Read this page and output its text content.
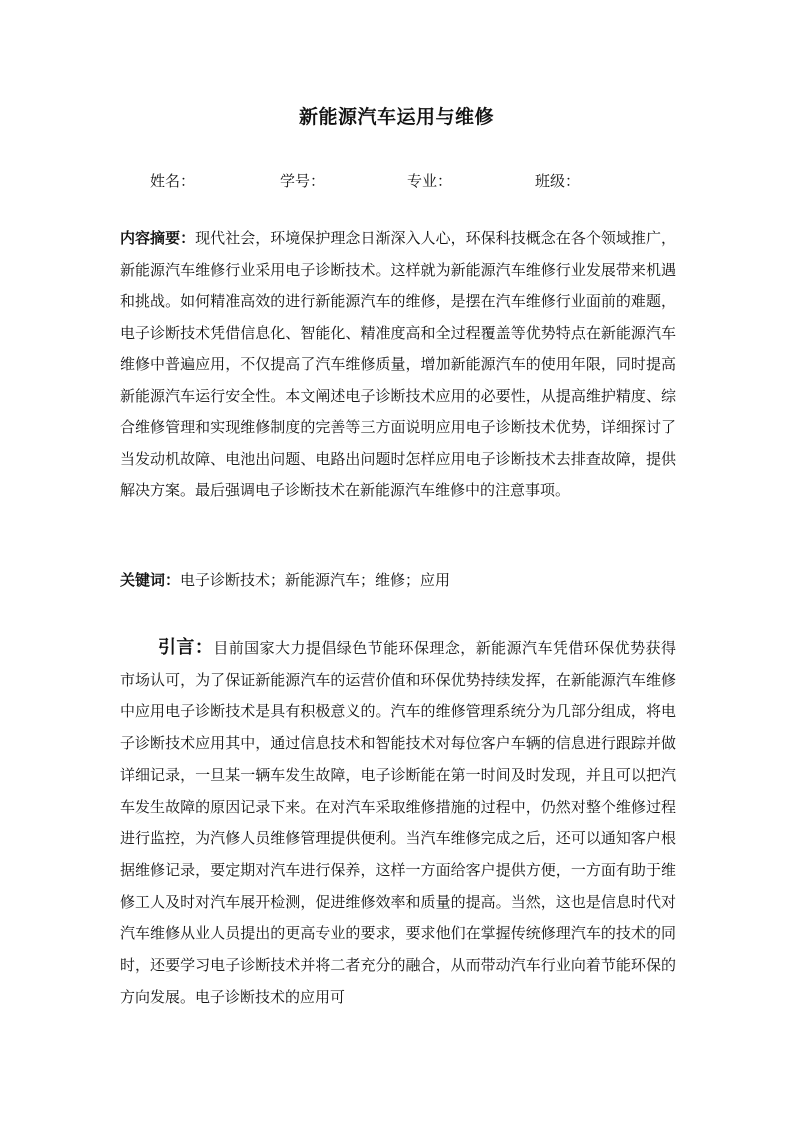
新能源汽车运用与维修
姓名：	学号：	专业：	班级：
内容摘要：现代社会，环境保护理念日渐深入人心，环保科技概念在各个领域推广，新能源汽车维修行业采用电子诊断技术。这样就为新能源汽车维修行业发展带来机遇和挑战。如何精准高效的进行新能源汽车的维修，是摆在汽车维修行业面前的难题，电子诊断技术凭借信息化、智能化、精准度高和全过程覆盖等优势特点在新能源汽车维修中普遍应用，不仅提高了汽车维修质量，增加新能源汽车的使用年限，同时提高新能源汽车运行安全性。本文阐述电子诊断技术应用的必要性，从提高维护精度、综合维修管理和实现维修制度的完善等三方面说明应用电子诊断技术优势，详细探讨了当发动机故障、电池出问题、电路出问题时怎样应用电子诊断技术去排查故障，提供解决方案。最后强调电子诊断技术在新能源汽车维修中的注意事项。
关键词：电子诊断技术；新能源汽车；维修；应用
引言：目前国家大力提倡绿色节能环保理念，新能源汽车凭借环保优势获得市场认可，为了保证新能源汽车的运营价值和环保优势持续发挥，在新能源汽车维修中应用电子诊断技术是具有积极意义的。汽车的维修管理系统分为几部分组成，将电子诊断技术应用其中，通过信息技术和智能技术对每位客户车辆的信息进行跟踪并做详细记录，一旦某一辆车发生故障，电子诊断能在第一时间及时发现，并且可以把汽车发生故障的原因记录下来。在对汽车采取维修措施的过程中，仍然对整个维修过程进行监控，为汽修人员维修管理提供便利。当汽车维修完成之后，还可以通知客户根据维修记录，要定期对汽车进行保养，这样一方面给客户提供方便，一方面有助于维修工人及时对汽车展开检测，促进维修效率和质量的提高。当然，这也是信息时代对汽车维修从业人员提出的更高专业的要求，要求他们在掌握传统修理汽车的技术的同时，还要学习电子诊断技术并将二者充分的融合，从而带动汽车行业向着节能环保的方向发展。电子诊断技术的应用可
